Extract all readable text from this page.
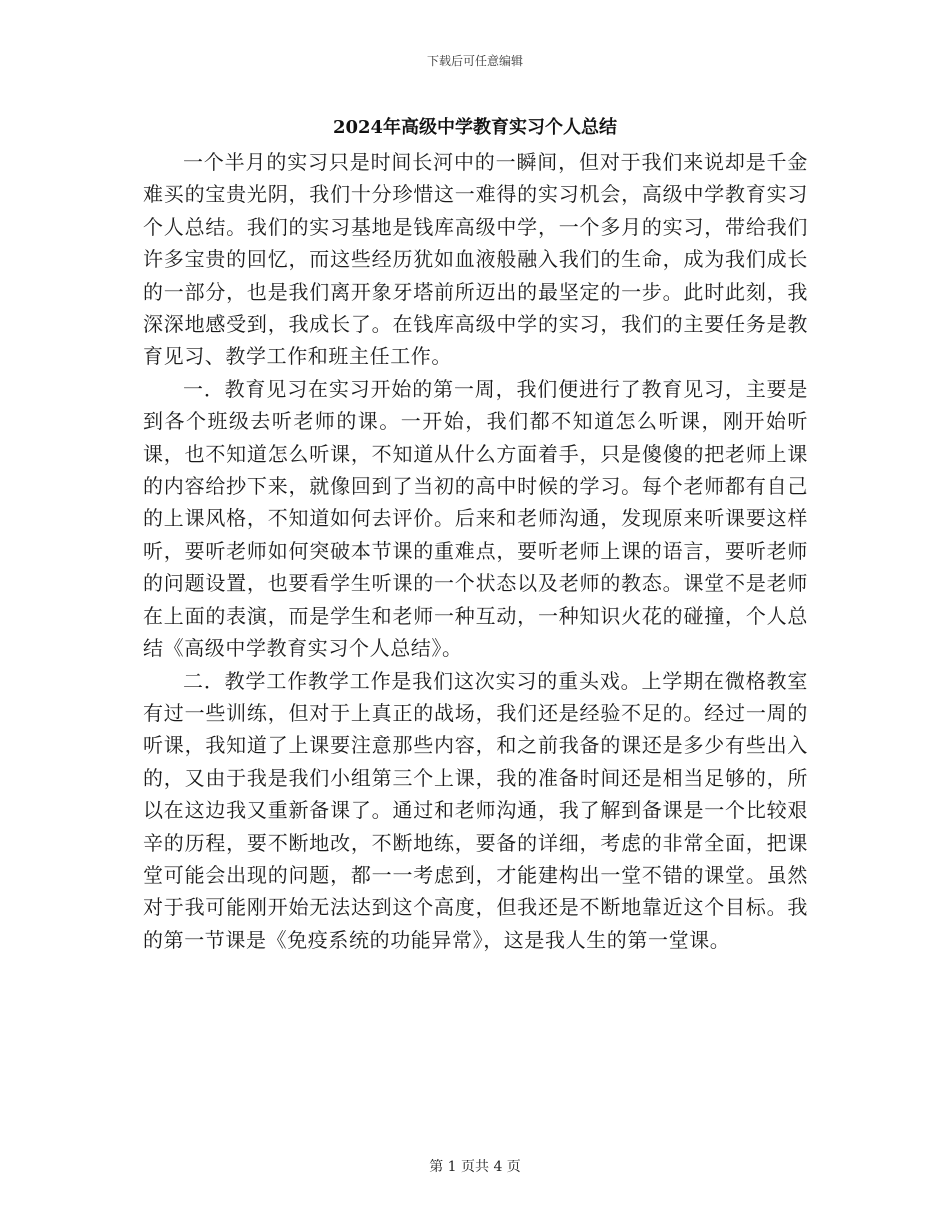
下载后可任意编辑
2024年高级中学教育实习个人总结

一个半月的实习只是时间长河中的一瞬间，但对于我们来说却是千金难买的宝贵光阴，我们十分珍惜这一难得的实习机会，高级中学教育实习个人总结。我们的实习基地是钱库高级中学，一个多月的实习，带给我们许多宝贵的回忆，而这些经历犹如血液般融入我们的生命，成为我们成长的一部分，也是我们离开象牙塔前所迈出的最坚定的一步。此时此刻，我深深地感受到，我成长了。在钱库高级中学的实习，我们的主要任务是教育见习、教学工作和班主任工作。

一．教育见习在实习开始的第一周，我们便进行了教育见习，主要是到各个班级去听老师的课。一开始，我们都不知道怎么听课，刚开始听课，也不知道怎么听课，不知道从什么方面着手，只是傻傻的把老师上课的内容给抄下来，就像回到了当初的高中时候的学习。每个老师都有自己的上课风格，不知道如何去评价。后来和老师沟通，发现原来听课要这样听，要听老师如何突破本节课的重难点，要听老师上课的语言，要听老师的问题设置，也要看学生听课的一个状态以及老师的教态。课堂不是老师在上面的表演，而是学生和老师一种互动，一种知识火花的碰撞，个人总结《高级中学教育实习个人总结》。

二．教学工作教学工作是我们这次实习的重头戏。上学期在微格教室有过一些训练，但对于上真正的战场，我们还是经验不足的。经过一周的听课，我知道了上课要注意那些内容，和之前我备的课还是多少有些出入的，又由于我是我们小组第三个上课，我的准备时间还是相当足够的，所以在这边我又重新备课了。通过和老师沟通，我了解到备课是一个比较艰辛的历程，要不断地改，不断地练，要备的详细，考虑的非常全面，把课堂可能会出现的问题，都一一考虑到，才能建构出一堂不错的课堂。虽然对于我可能刚开始无法达到这个高度，但我还是不断地靠近这个目标。我的第一节课是《免疫系统的功能异常》，这是我人生的第一堂课。

第 1 页共 4 页
